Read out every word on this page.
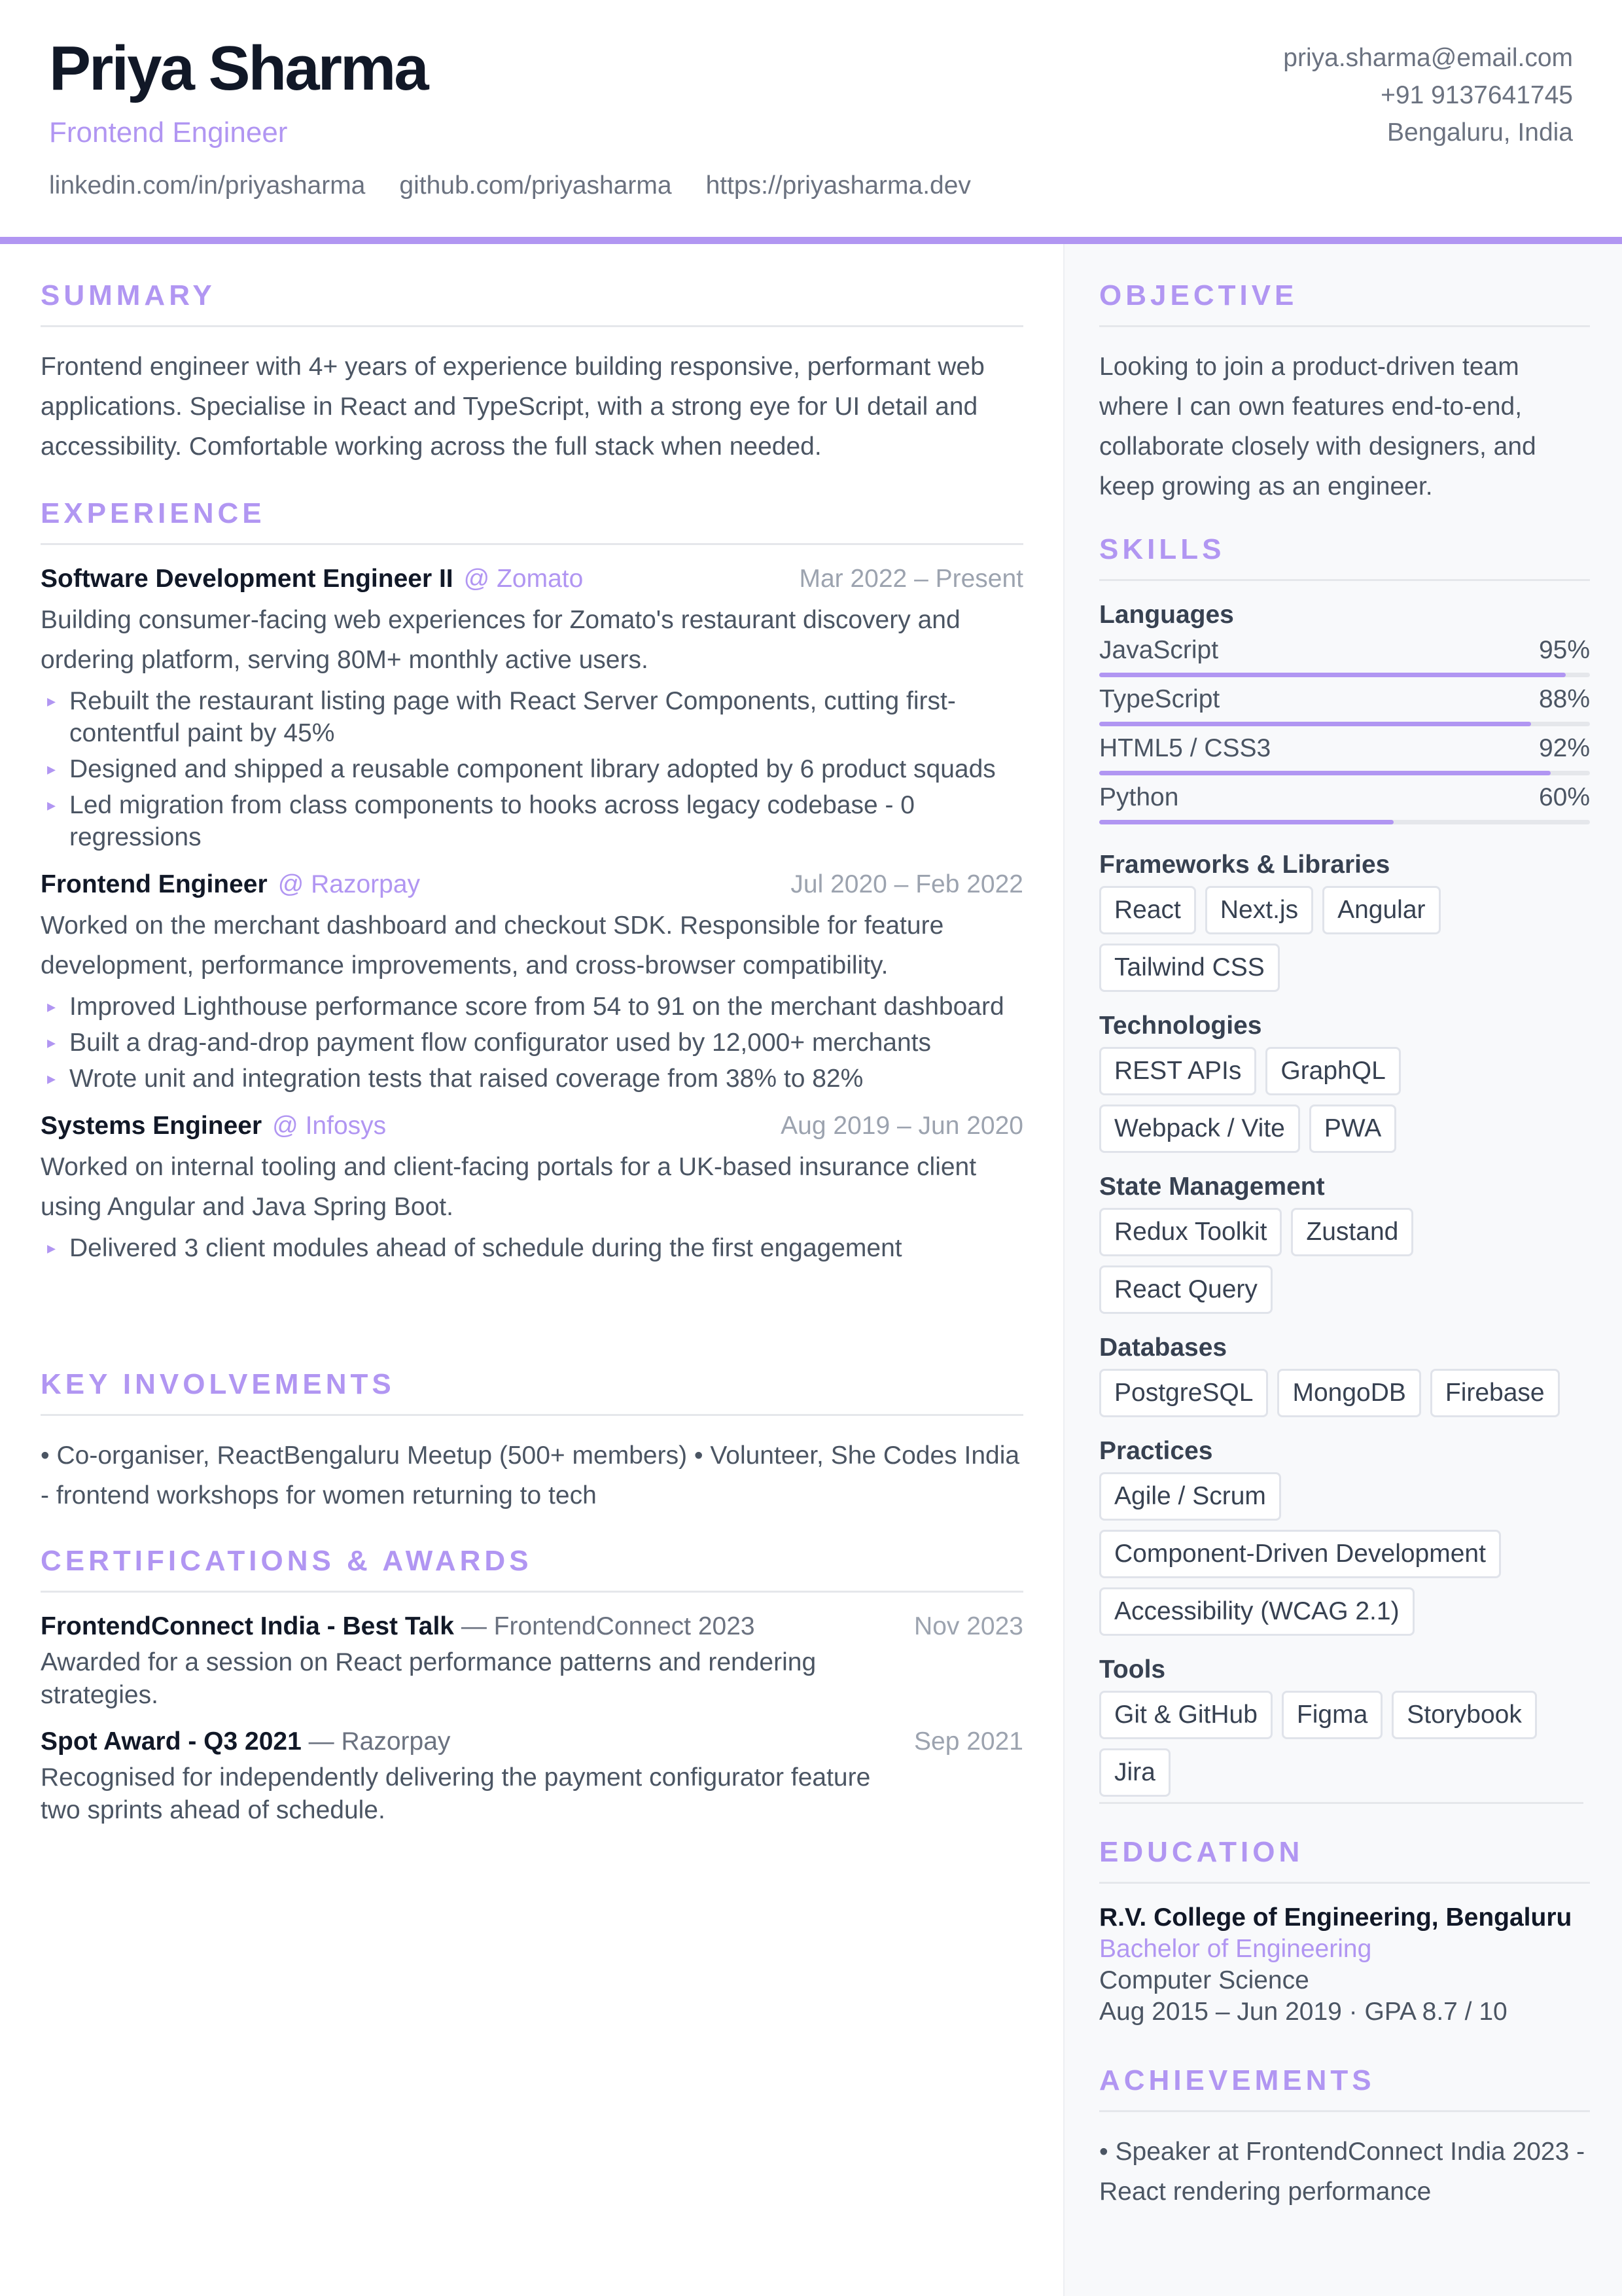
Priya Sharma
Frontend Engineer
linkedin.com/in/priyasharma github.com/priyasharma https://priyasharma.dev
priya.sharma@email.com
+91 9137641745
Bengaluru, India
SUMMARY

Frontend engineer with 4+ years of experience building responsive, performant web applications. Specialise in React and TypeScript, with a strong eye for UI detail and accessibility. Comfortable working across the full stack when needed.

EXPERIENCE
Software Development Engineer II @ Zomato	Mar 2022 – Present

Building consumer-facing web experiences for Zomato's restaurant discovery and ordering platform, serving 80M+ monthly active users.

▸ Rebuilt the restaurant listing page with React Server Components, cutting first-contentful paint by 45%
▸ Designed and shipped a reusable component library adopted by 6 product squads
▸ Led migration from class components to hooks across legacy codebase - 0 regressions
Frontend Engineer @ Razorpay	Jul 2020 – Feb 2022

Worked on the merchant dashboard and checkout SDK. Responsible for feature development, performance improvements, and cross-browser compatibility.

▸ Improved Lighthouse performance score from 54 to 91 on the merchant dashboard
▸ Built a drag-and-drop payment flow configurator used by 12,000+ merchants
▸ Wrote unit and integration tests that raised coverage from 38% to 82%
Systems Engineer @ Infosys	Aug 2019 – Jun 2020

Worked on internal tooling and client-facing portals for a UK-based insurance client using Angular and Java Spring Boot.

▸ Delivered 3 client modules ahead of schedule during the first engagement
KEY INVOLVEMENTS

• Co-organiser, ReactBengaluru Meetup (500+ members) • Volunteer, She Codes India - frontend workshops for women returning to tech

CERTIFICATIONS & AWARDS
FrontendConnect India - Best Talk — FrontendConnect 2023	Nov 2023

Awarded for a session on React performance patterns and rendering strategies.

Spot Award - Q3 2021 — Razorpay	Sep 2021

Recognised for independently delivering the payment configurator feature two sprints ahead of schedule.

OBJECTIVE

Looking to join a product-driven team where I can own features end-to-end, collaborate closely with designers, and keep growing as an engineer.

SKILLS
Languages
JavaScript	95%
TypeScript	88%
HTML5 / CSS3	92%
Python	60%
Frameworks & Libraries
React	Next.js	Angular
Tailwind CSS
Technologies
REST APIs	GraphQL
Webpack / Vite	PWA
State Management
Redux Toolkit	Zustand
React Query
Databases
PostgreSQL	MongoDB	Firebase
Practices
Agile / Scrum
Component-Driven Development
Accessibility (WCAG 2.1)
Tools
Git & GitHub	Figma	Storybook
Jira
EDUCATION
R.V. College of Engineering, Bengaluru
Bachelor of Engineering
Computer Science
Aug 2015 – Jun 2019 · GPA 8.7 / 10
ACHIEVEMENTS

• Speaker at FrontendConnect India 2023 - React rendering performance
